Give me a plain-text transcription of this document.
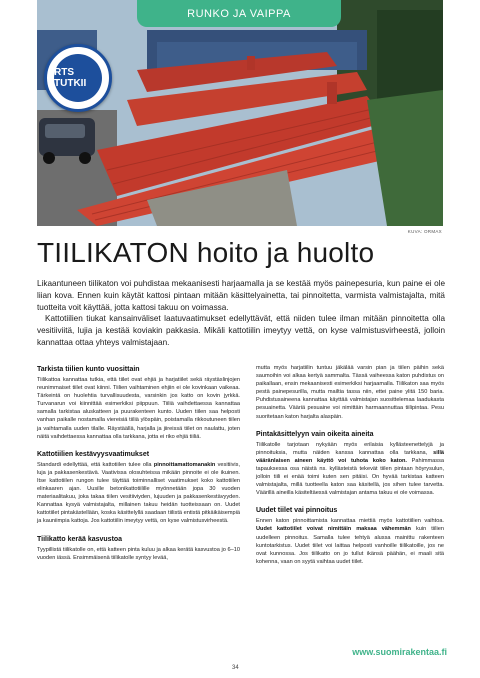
RUNKO JA VAIPPA
RTS TUTKII
KUVA: ORMAX
TIILIKATON hoito ja huolto

Likaantuneen tiilikaton voi puhdistaa mekaanisesti harjaamalla ja se kestää myös painepesuria, kun paine ei ole liian kova. Ennen kuin käytät kattosi pintaan mitään käsittelyainetta, tai pinnoitetta, varmista valmistajalta, mitä tuotteita voit käyttää, jotta kattosi takuu on voimassa.

Kattotiilien tiukat kansainväliset laatuvaatimukset edellyttävät, että niiden tulee ilman mitään pinnoitetta olla vesitiiviitä, lujia ja kestää koviakin pakkasia. Mikäli kattotiilin imeytyy vettä, on kyse valmistusvirheestä, jolloin kannattaa ottaa yhteys valmistajaan.

Tarkista tiilien kunto vuosittain

Tiilikattoa kannattaa tutkia, että tiilet ovat ehjiä ja harjatiilet sekä räystäslinjojen reunimmaiset tiilet ovat kiinni. Tiilien vaihtaminen ehjiin ei ole kovinkaan vaikeaa. Tärkeintä on huolehtia turvallisuudesta, varsinkin jos katto on kovin jyrkkä. Turvanarun voi kiinnittää esimerkiksi piippuun. Tiiliä vaihdettaessa kannattaa samalla tarkistaa aluskatteen ja puurakenteen kunto. Uuden tiilen saa helposti vanhan paikalle nostamalla viereisiä tiiliä ylöspäin, poistamalla rikkoutuneen tiilen ja vaihtamalla uuden tilalle. Räystäällä, harjalla ja jiireissä tiilet on naulattu, joten näitä vaihdettaessa kannattaa olla tarkkana, jotta ei riko ehjiä tiiliä.

Kattotiilien kestävyysvaatimukset

Standardi edellyttää, että kattotiilen tulee olla pinnoittamattomanakin vesitiivis, luja ja pakkasenkestävä. Vaativissa olosuhteissa mikään pinnoite ei ole ikuinen. Itse kattotiilen rungon tulee täyttää toiminnalliset vaatimukset koko kattotiilen elinkaaren ajan. Uusille betonikattotiilille myönnetään jopa 30 vuoden materiaalitakuu, joka takaa tiilen vesitiiviyden, lujuuden ja pakkasenkestävyyden. Kannattaa kysyä valmistajalta, millainen takuu heidän tuotteissaan on. Uudet kattotiilet pintakästellään, koska käsittelyllä saadaan tiilistä entistä pitkäikäisempiä ja kauniimpia kattoja. Jos kattotiilin imeytyy vettä, on kyse valmistusvirheestä.

Tiilikatto kerää kasvustoa

Tyypillistä tiilikatolle on, että katteen pinta kuluu ja alkaa kerätä kasvustoa jo 6–10 vuoden iässä. Ensimmäisenä tiilikatolle syntyy levää,

mutta myös harjatiilin tuntuu jäkälää varsin pian ja tiilen päihin sekä saumoihin voi alkaa kertyä sammalta. Tässä vaiheessa katon puhdistus on paikallaan, ensin mekaanisesti esimerkiksi harjaamalla. Tiilikaton saa myös pestä painepesurilla, mutta mailtia tassa niin, ettei paine ylitä 150 baria. Puhdistusaineena kannattaa käyttää valmistajan suosittelemaa laadukasta pesuainetta. Vääriä pesuaine voi nimittäin harmaannuttaa tiilipintaa. Pesu suoritetaan katon harjalta alaspäin.

Pintakäsittelyyn vain oikeita aineita

Tiilikatolle tarjotaan nykyään myös erilaisia kyllästeenettelyjä ja pinnoituksia, mutta näiden kanssa kannattaa olla tarkkana, sillä vääränlaisen aineen käyttö voi tuhota koko katon. Pahimmassa tapauksessa osa näistä ns. kyllästeistä tekevät tiilen pintaan höyrysulun, jolloin tiili ei enää toimi kuten sen pitäisi. On hyvää tarkistaa katteen valmistajalta, millä tuotteella katon saa käsitellä, jos sihen tulee tarvetta. Väärillä aineilla käsiteltäessä valmistajan antama takuu ei ole voimassa.

Uudet tiilet vai pinnoitus

Ennen katon pinnoittamista kannattaa miettiä myös kattotiilien vaihtoa. Uudet kattotiilet voivat nimittäin maksaa vähemmän kuin tiilien uudelleen pinnoitus. Samalla tulee tehtyä alussa mainittu rakenteen kuntotarkistus. Uudet tiilet voi laittaa helposti vanhoille tiilikatoille, jos ne ovat kunnossa. Jos tiilikatto on jo tullut ikänsä päähän, ei maali sitä kohenna, vaan on syytä vaihtaa uudet tiilet.

www.suomirakentaa.fi
34
